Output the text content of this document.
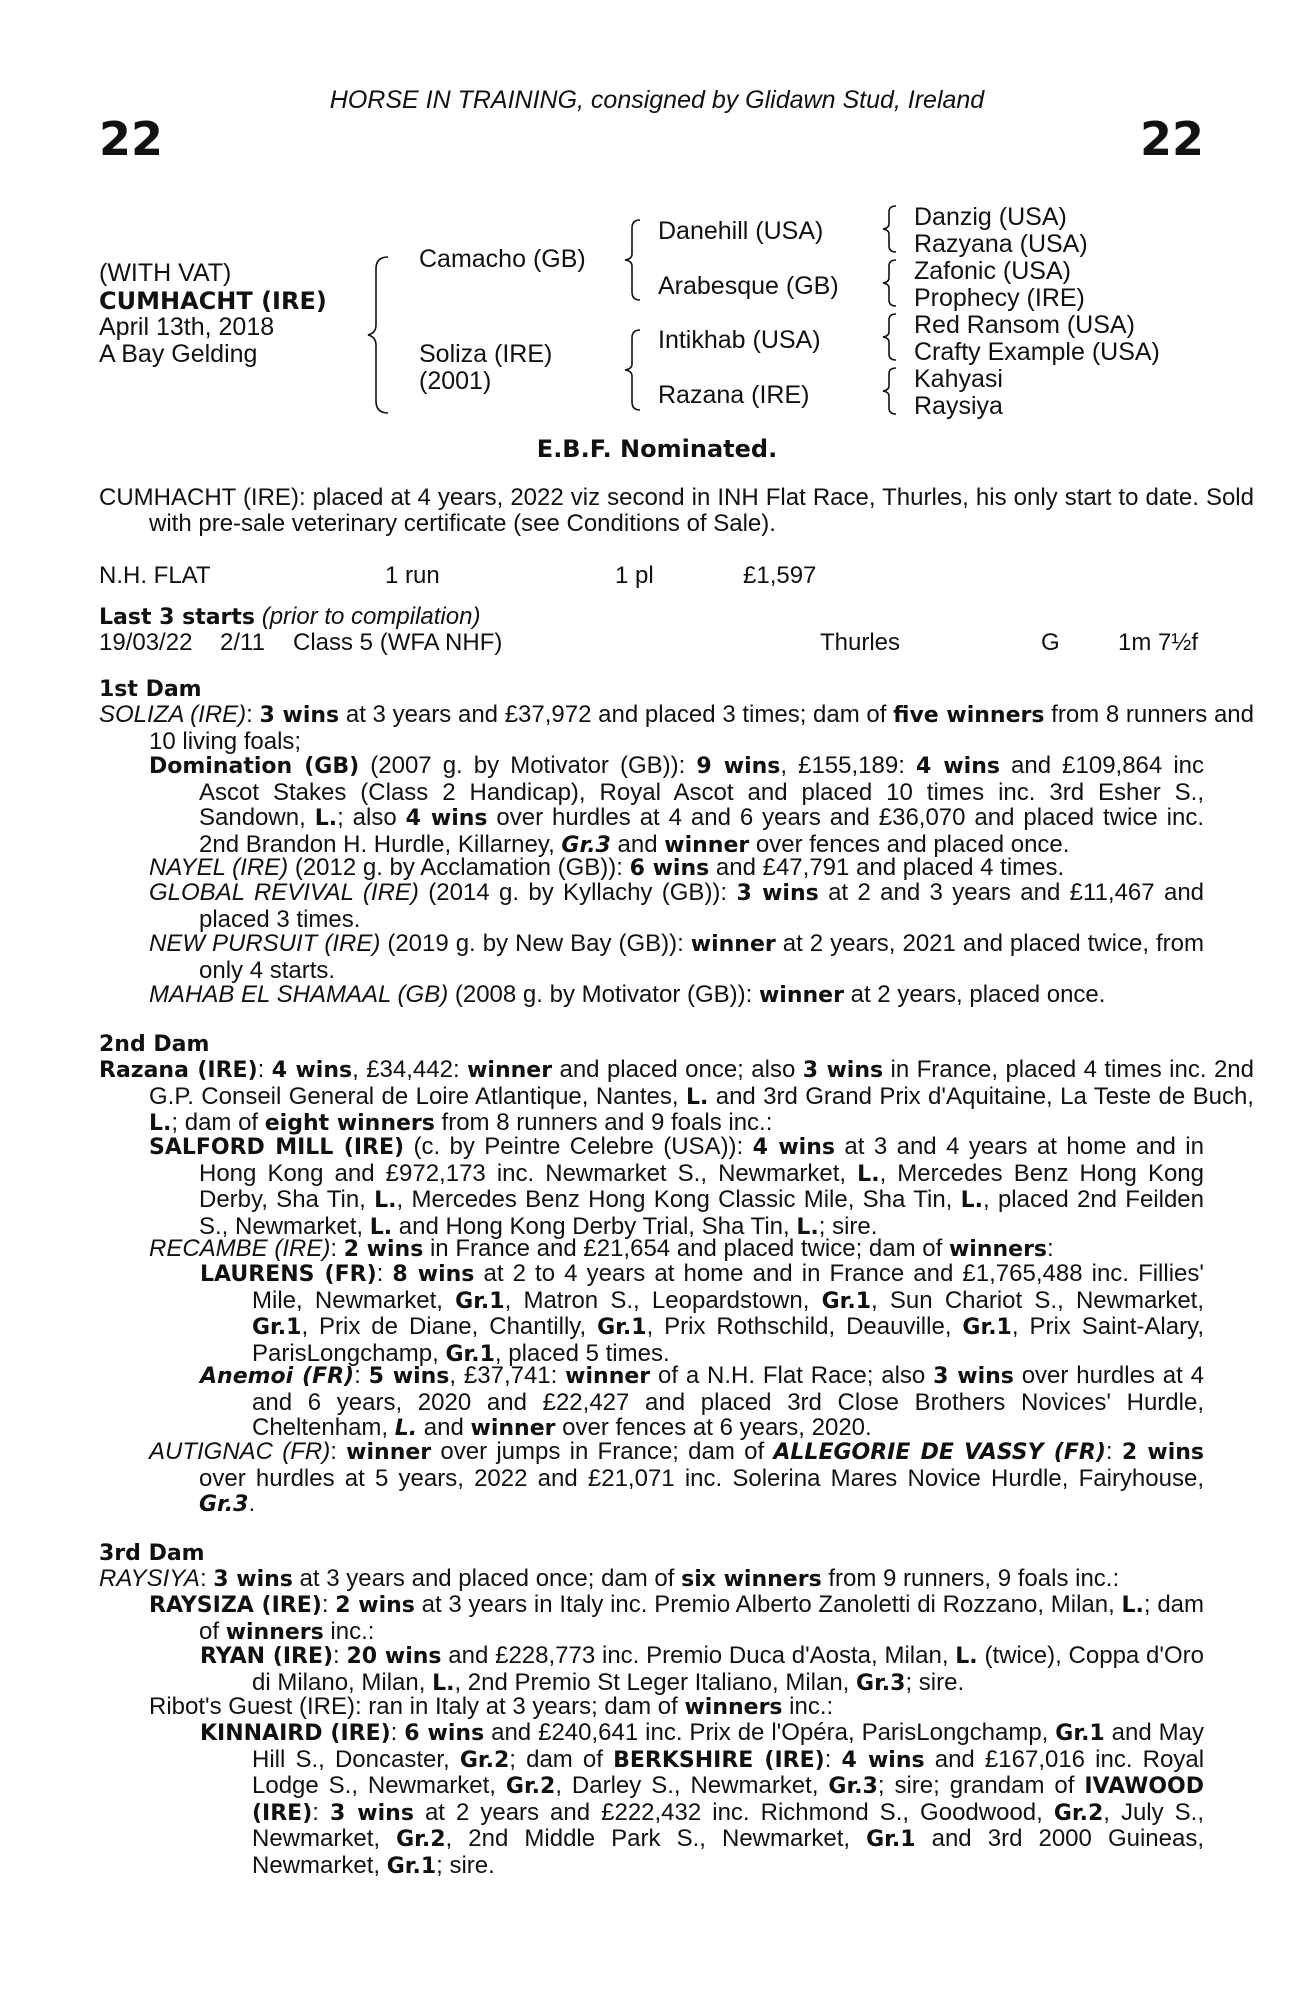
22	22
HORSE IN TRAINING, consigned by Glidawn Stud, Ireland
(WITH VAT)
CUMHACHT (IRE)
April 13th, 2018
A Bay Gelding
Camacho (GB)
Soliza (IRE)
(2001)
Danehill (USA)
Arabesque (GB)
Intikhab (USA)
Razana (IRE)
Danzig (USA)
Razyana (USA)
Zafonic (USA)
Prophecy (IRE)
Red Ransom (USA)
Crafty Example (USA)
Kahyasi
Raysiya
E.B.F. Nominated.
CUMHACHT (IRE): placed at 4 years, 2022 viz second in INH Flat Race, Thurles, his only start to date. Sold with pre-sale veterinary certificate (see Conditions of Sale).
N.H. FLAT	1 run	1 pl	£1,597
Last 3 starts (prior to compilation)
19/03/22 2/11 Class 5 (WFA NHF)	Thurles	G 1m 7½f
1st Dam
SOLIZA (IRE): 3 wins at 3 years and £37,972 and placed 3 times; dam of five winners from 8 runners and 10 living foals;
Domination (GB) (2007 g. by Motivator (GB)): 9 wins, £155,189: 4 wins and £109,864 inc Ascot Stakes (Class 2 Handicap), Royal Ascot and placed 10 times inc. 3rd Esher S., Sandown, L.; also 4 wins over hurdles at 4 and 6 years and £36,070 and placed twice inc. 2nd Brandon H. Hurdle, Killarney, Gr.3 and winner over fences and placed once.
NAYEL (IRE) (2012 g. by Acclamation (GB)): 6 wins and £47,791 and placed 4 times.
GLOBAL REVIVAL (IRE) (2014 g. by Kyllachy (GB)): 3 wins at 2 and 3 years and £11,467 and placed 3 times.
NEW PURSUIT (IRE) (2019 g. by New Bay (GB)): winner at 2 years, 2021 and placed twice, from only 4 starts.
MAHAB EL SHAMAAL (GB) (2008 g. by Motivator (GB)): winner at 2 years, placed once.
2nd Dam
Razana (IRE): 4 wins, £34,442: winner and placed once; also 3 wins in France, placed 4 times inc. 2nd G.P. Conseil General de Loire Atlantique, Nantes, L. and 3rd Grand Prix d'Aquitaine, La Teste de Buch, L.; dam of eight winners from 8 runners and 9 foals inc.:
SALFORD MILL (IRE) (c. by Peintre Celebre (USA)): 4 wins at 3 and 4 years at home and in Hong Kong and £972,173 inc. Newmarket S., Newmarket, L., Mercedes Benz Hong Kong Derby, Sha Tin, L., Mercedes Benz Hong Kong Classic Mile, Sha Tin, L., placed 2nd Feilden S., Newmarket, L. and Hong Kong Derby Trial, Sha Tin, L.; sire.
RECAMBE (IRE): 2 wins in France and £21,654 and placed twice; dam of winners:
LAURENS (FR): 8 wins at 2 to 4 years at home and in France and £1,765,488 inc. Fillies' Mile, Newmarket, Gr.1, Matron S., Leopardstown, Gr.1, Sun Chariot S., Newmarket, Gr.1, Prix de Diane, Chantilly, Gr.1, Prix Rothschild, Deauville, Gr.1, Prix Saint-Alary, ParisLongchamp, Gr.1, placed 5 times.
Anemoi (FR): 5 wins, £37,741: winner of a N.H. Flat Race; also 3 wins over hurdles at 4 and 6 years, 2020 and £22,427 and placed 3rd Close Brothers Novices' Hurdle, Cheltenham, L. and winner over fences at 6 years, 2020.
AUTIGNAC (FR): winner over jumps in France; dam of ALLEGORIE DE VASSY (FR): 2 wins over hurdles at 5 years, 2022 and £21,071 inc. Solerina Mares Novice Hurdle, Fairyhouse, Gr.3.
3rd Dam
RAYSIYA: 3 wins at 3 years and placed once; dam of six winners from 9 runners, 9 foals inc.:
RAYSIZA (IRE): 2 wins at 3 years in Italy inc. Premio Alberto Zanoletti di Rozzano, Milan, L.; dam of winners inc.:
RYAN (IRE): 20 wins and £228,773 inc. Premio Duca d'Aosta, Milan, L. (twice), Coppa d'Oro di Milano, Milan, L., 2nd Premio St Leger Italiano, Milan, Gr.3; sire.
Ribot's Guest (IRE): ran in Italy at 3 years; dam of winners inc.:
KINNAIRD (IRE): 6 wins and £240,641 inc. Prix de l'Opéra, ParisLongchamp, Gr.1 and May Hill S., Doncaster, Gr.2; dam of BERKSHIRE (IRE): 4 wins and £167,016 inc. Royal Lodge S., Newmarket, Gr.2, Darley S., Newmarket, Gr.3; sire; grandam of IVAWOOD (IRE): 3 wins at 2 years and £222,432 inc. Richmond S., Goodwood, Gr.2, July S., Newmarket, Gr.2, 2nd Middle Park S., Newmarket, Gr.1 and 3rd 2000 Guineas, Newmarket, Gr.1; sire.
